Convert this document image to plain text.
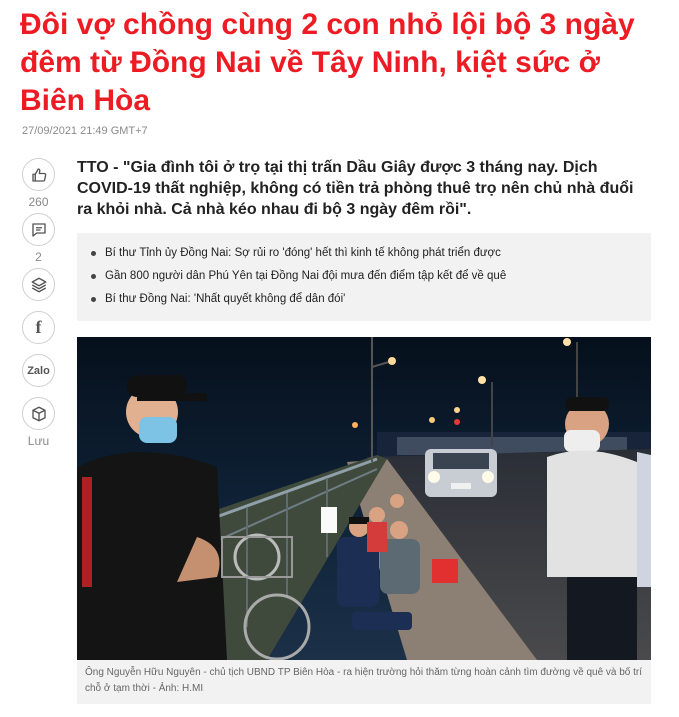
Đôi vợ chồng cùng 2 con nhỏ lội bộ 3 ngày đêm từ Đồng Nai về Tây Ninh, kiệt sức ở Biên Hòa
27/09/2021 21:49 GMT+7
260
2
f
Zalo
Lưu

TTO - "Gia đình tôi ở trọ tại thị trấn Dầu Giây được 3 tháng nay. Dịch COVID-19 thất nghiệp, không có tiền trả phòng thuê trọ nên chủ nhà đuổi ra khỏi nhà. Cả nhà kéo nhau đi bộ 3 ngày đêm rồi".

Bí thư Tỉnh ủy Đồng Nai: Sợ rủi ro 'đóng' hết thì kinh tế không phát triển được
Gần 800 người dân Phú Yên tại Đồng Nai đội mưa đến điểm tập kết để về quê
Bí thư Đồng Nai: 'Nhất quyết không để dân đói'
Ông Nguyễn Hữu Nguyên - chủ tịch UBND TP Biên Hòa - ra hiện trường hỏi thăm từng hoàn cảnh tìm đường về quê và bố trí chỗ ở tạm thời - Ảnh: H.MI
